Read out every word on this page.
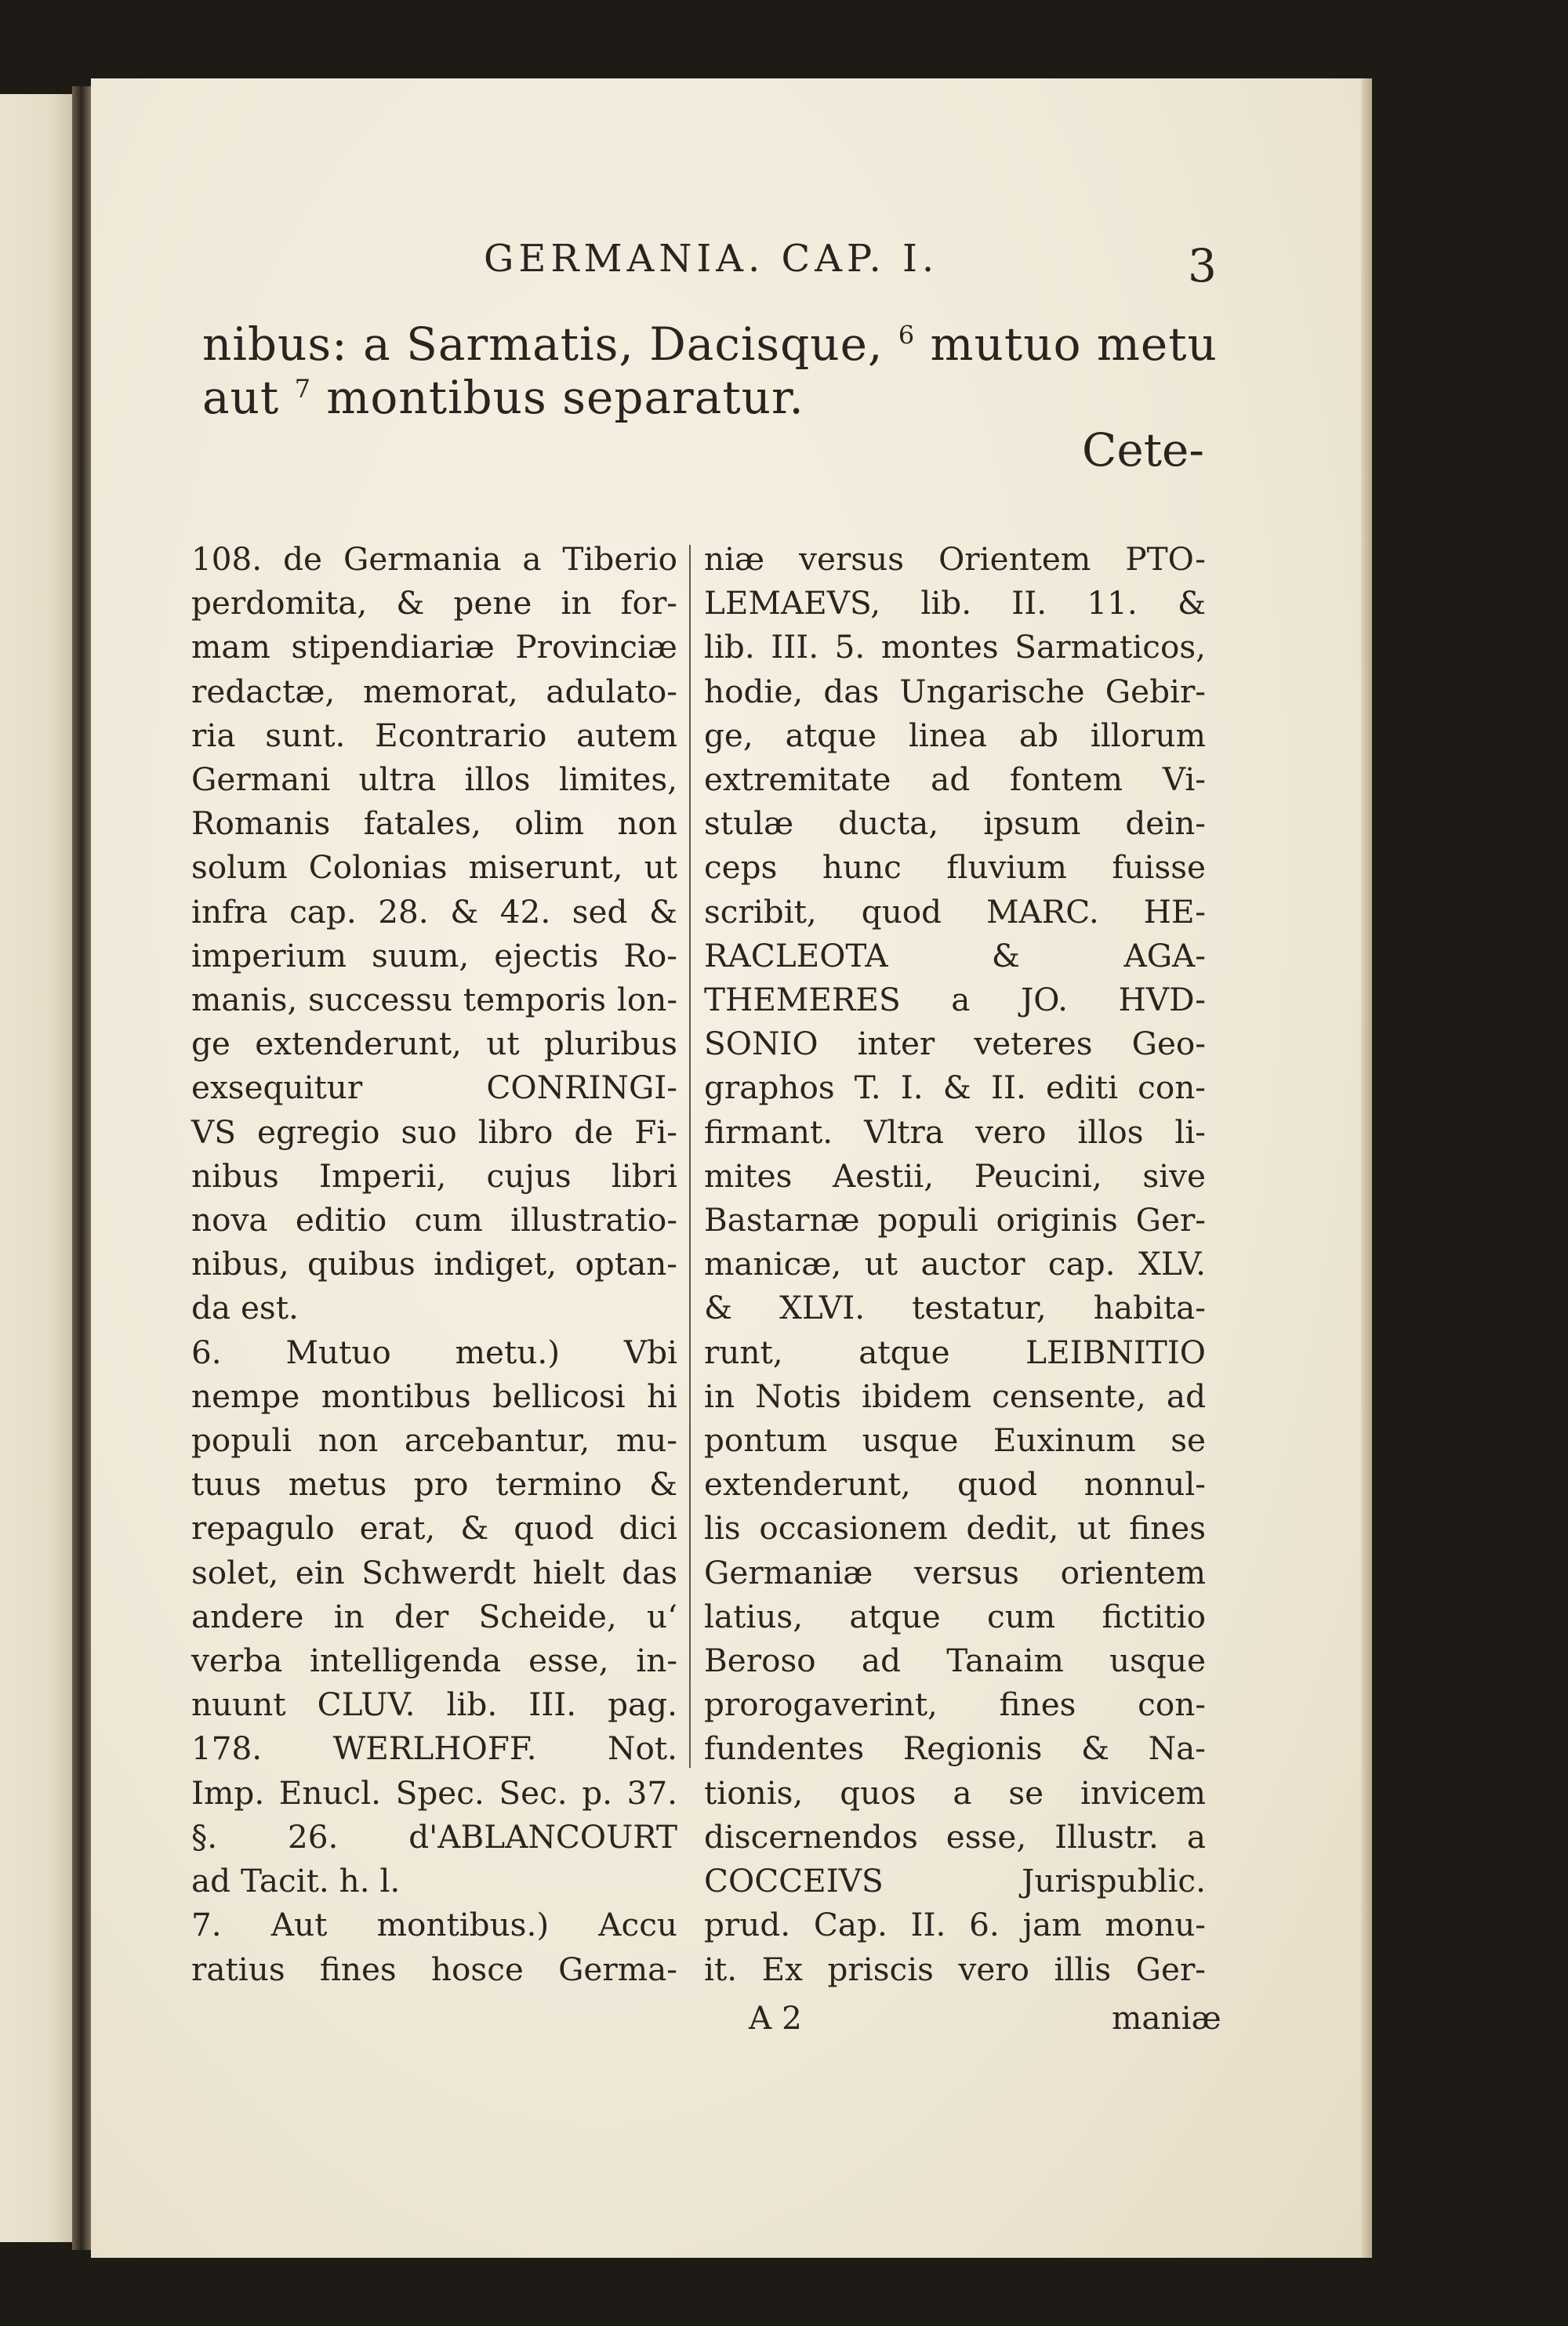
GERMANIA. CAP. I.	3
nibus: a Sarmatis, Dacisque, $^6$ mutuo metu
aut $^7$ montibus separatur.
Cete-
108. de Germania a Tiberio
perdomita, & pene in for-
mam stipendiariæ Provinciæ
redactæ, memorat, adulato-
ria sunt. Econtrario autem
Germani ultra illos limites,
Romanis fatales, olim non
solum Colonias miserunt, ut
infra cap. 28. & 42. sed &
imperium suum, ejectis Ro-
manis, successu temporis lon-
ge extenderunt, ut pluribus
exsequitur CONRINGI-
VS egregio suo libro de Fi-
nibus Imperii, cujus libri
nova editio cum illustratio-
nibus, quibus indiget, optan-
da est.
6. Mutuo metu.) Vbi
nempe montibus bellicosi hi
populi non arcebantur, mu-
tuus metus pro termino &
repagulo erat, & quod dici
solet, ein Schwerdt hielt das
andere in der Scheide, u‘
verba intelligenda esse, in-
nuunt CLUV. lib. III. pag.
178. WERLHOFF. Not.
Imp. Enucl. Spec. Sec. p. 37.
§. 26. d'ABLANCOURT
ad Tacit. h. l.
7. Aut montibus.) Accu
ratius fines hosce Germa-
niæ versus Orientem PTO-
LEMAEVS, lib. II. 11. &
lib. III. 5. montes Sarmaticos,
hodie, das Ungarische Gebir-
ge, atque linea ab illorum
extremitate ad fontem Vi-
stulæ ducta, ipsum dein-
ceps hunc fluvium fuisse
scribit, quod MARC. HE-
RACLEOTA & AGA-
THEMERES a JO. HVD-
SONIO inter veteres Geo-
graphos T. I. & II. editi con-
firmant. Vltra vero illos li-
mites Aestii, Peucini, sive
Bastarnæ populi originis Ger-
manicæ, ut auctor cap. XLV.
& XLVI. testatur, habita-
runt, atque LEIBNITIO
in Notis ibidem censente, ad
pontum usque Euxinum se
extenderunt, quod nonnul-
lis occasionem dedit, ut fines
Germaniæ versus orientem
latius, atque cum fictitio
Beroso ad Tanaim usque
prorogaverint, fines con-
fundentes Regionis & Na-
tionis, quos a se invicem
discernendos esse, Illustr. a
COCCEIVS Jurispublic.
prud. Cap. II. 6. jam monu-
it. Ex priscis vero illis Ger-
A 2	maniæ
